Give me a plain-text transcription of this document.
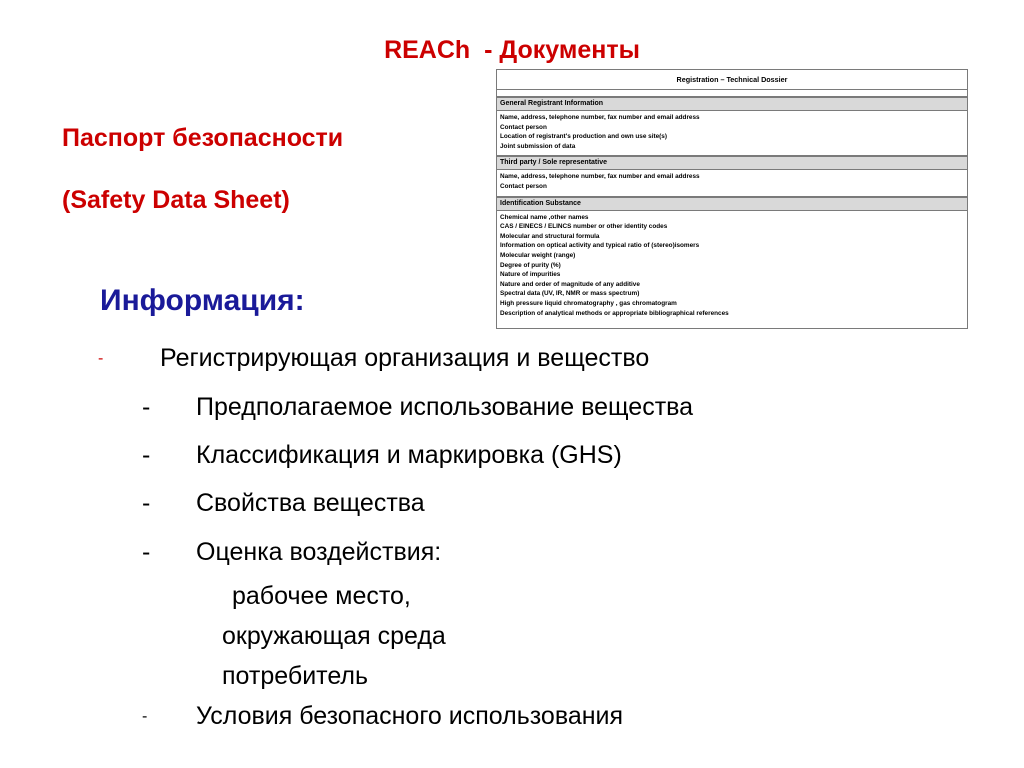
REACh  - Документы
Паспорт безопасности
(Safety Data Sheet)
Registration – Technical Dossier
General Registrant Information
Name, address, telephone number, fax number and email address
Contact person
Location of registrant's production and own use site(s)
Joint submission of data
Third party / Sole representative
Name, address, telephone number, fax number and email address
Contact person
Identification Substance
Chemical name ,other names
CAS / EINECS / ELINCS number or other identity codes
Molecular and structural formula
Information on optical activity and typical ratio of (stereo)isomers
Molecular weight (range)
Degree of purity (%)
Nature of impurities
Nature and order of magnitude of any additive
Spectral data (UV, IR, NMR or mass spectrum)
High pressure liquid chromatography , gas chromatogram
Description of analytical methods or appropriate bibliographical references
Информация:
- Регистрирующая организация и вещество
- Предполагаемое использование вещества
- Классификация и маркировка (GHS)
- Свойства вещества
- Оценка воздействия:
рабочее место,
окружающая среда
потребитель
- Условия безопасного использования
